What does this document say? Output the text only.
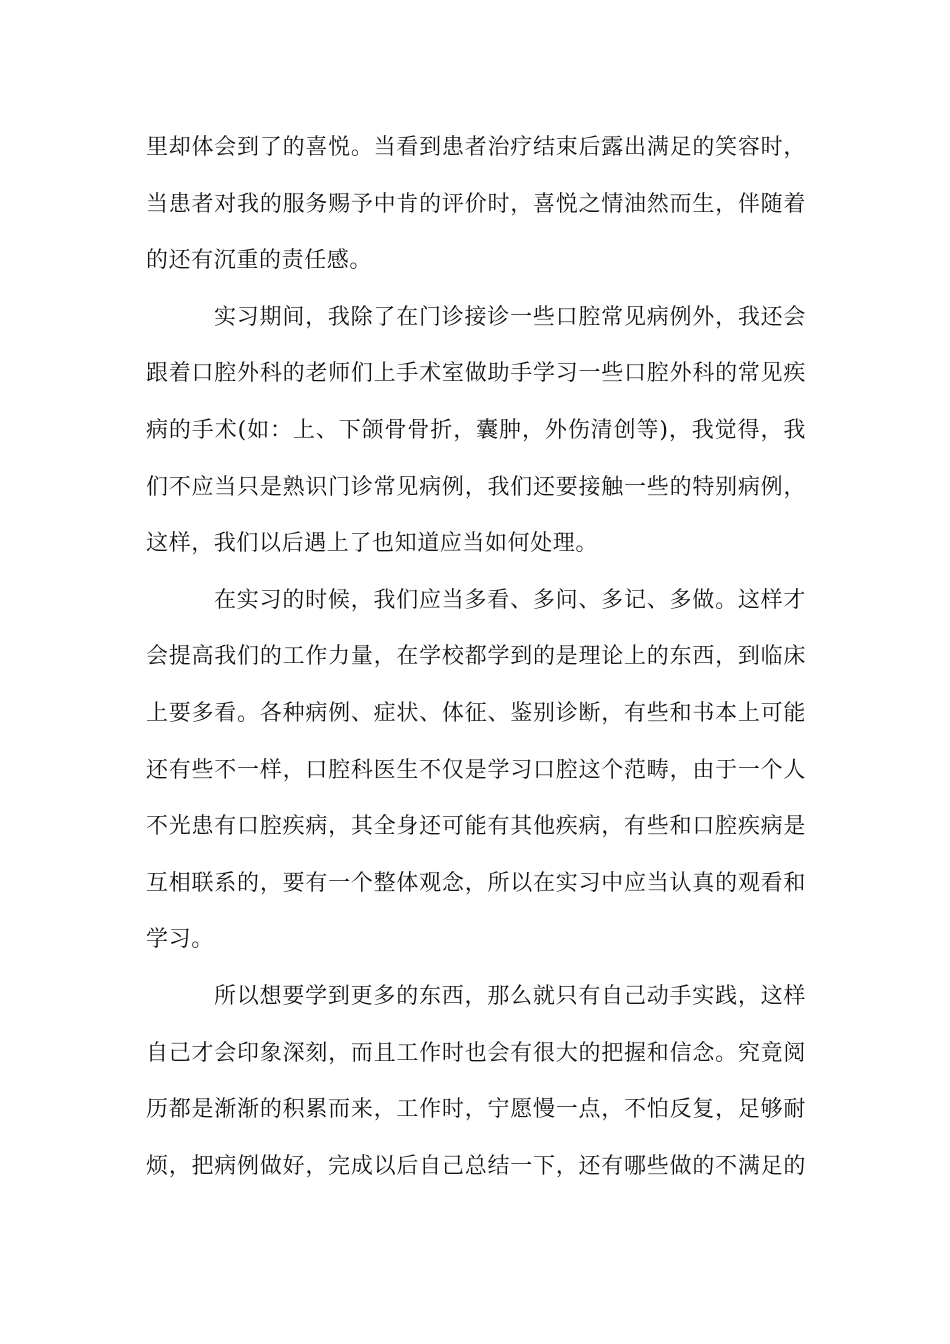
里却体会到了的喜悦。当看到患者治疗结束后露出满足的笑容时，
当患者对我的服务赐予中肯的评价时，喜悦之情油然而生，伴随着
的还有沉重的责任感。
实习期间，我除了在门诊接诊一些口腔常见病例外，我还会
跟着口腔外科的老师们上手术室做助手学习一些口腔外科的常见疾
病的手术(如：上、下颌骨骨折，囊肿，外伤清创等)，我觉得，我
们不应当只是熟识门诊常见病例，我们还要接触一些的特别病例，
这样，我们以后遇上了也知道应当如何处理。
在实习的时候，我们应当多看、多问、多记、多做。这样才
会提高我们的工作力量，在学校都学到的是理论上的东西，到临床
上要多看。各种病例、症状、体征、鉴别诊断，有些和书本上可能
还有些不一样，口腔科医生不仅是学习口腔这个范畴，由于一个人
不光患有口腔疾病，其全身还可能有其他疾病，有些和口腔疾病是
互相联系的，要有一个整体观念，所以在实习中应当认真的观看和
学习。
所以想要学到更多的东西，那么就只有自己动手实践，这样
自己才会印象深刻，而且工作时也会有很大的把握和信念。究竟阅
历都是渐渐的积累而来，工作时，宁愿慢一点，不怕反复，足够耐
烦，把病例做好，完成以后自己总结一下，还有哪些做的不满足的
